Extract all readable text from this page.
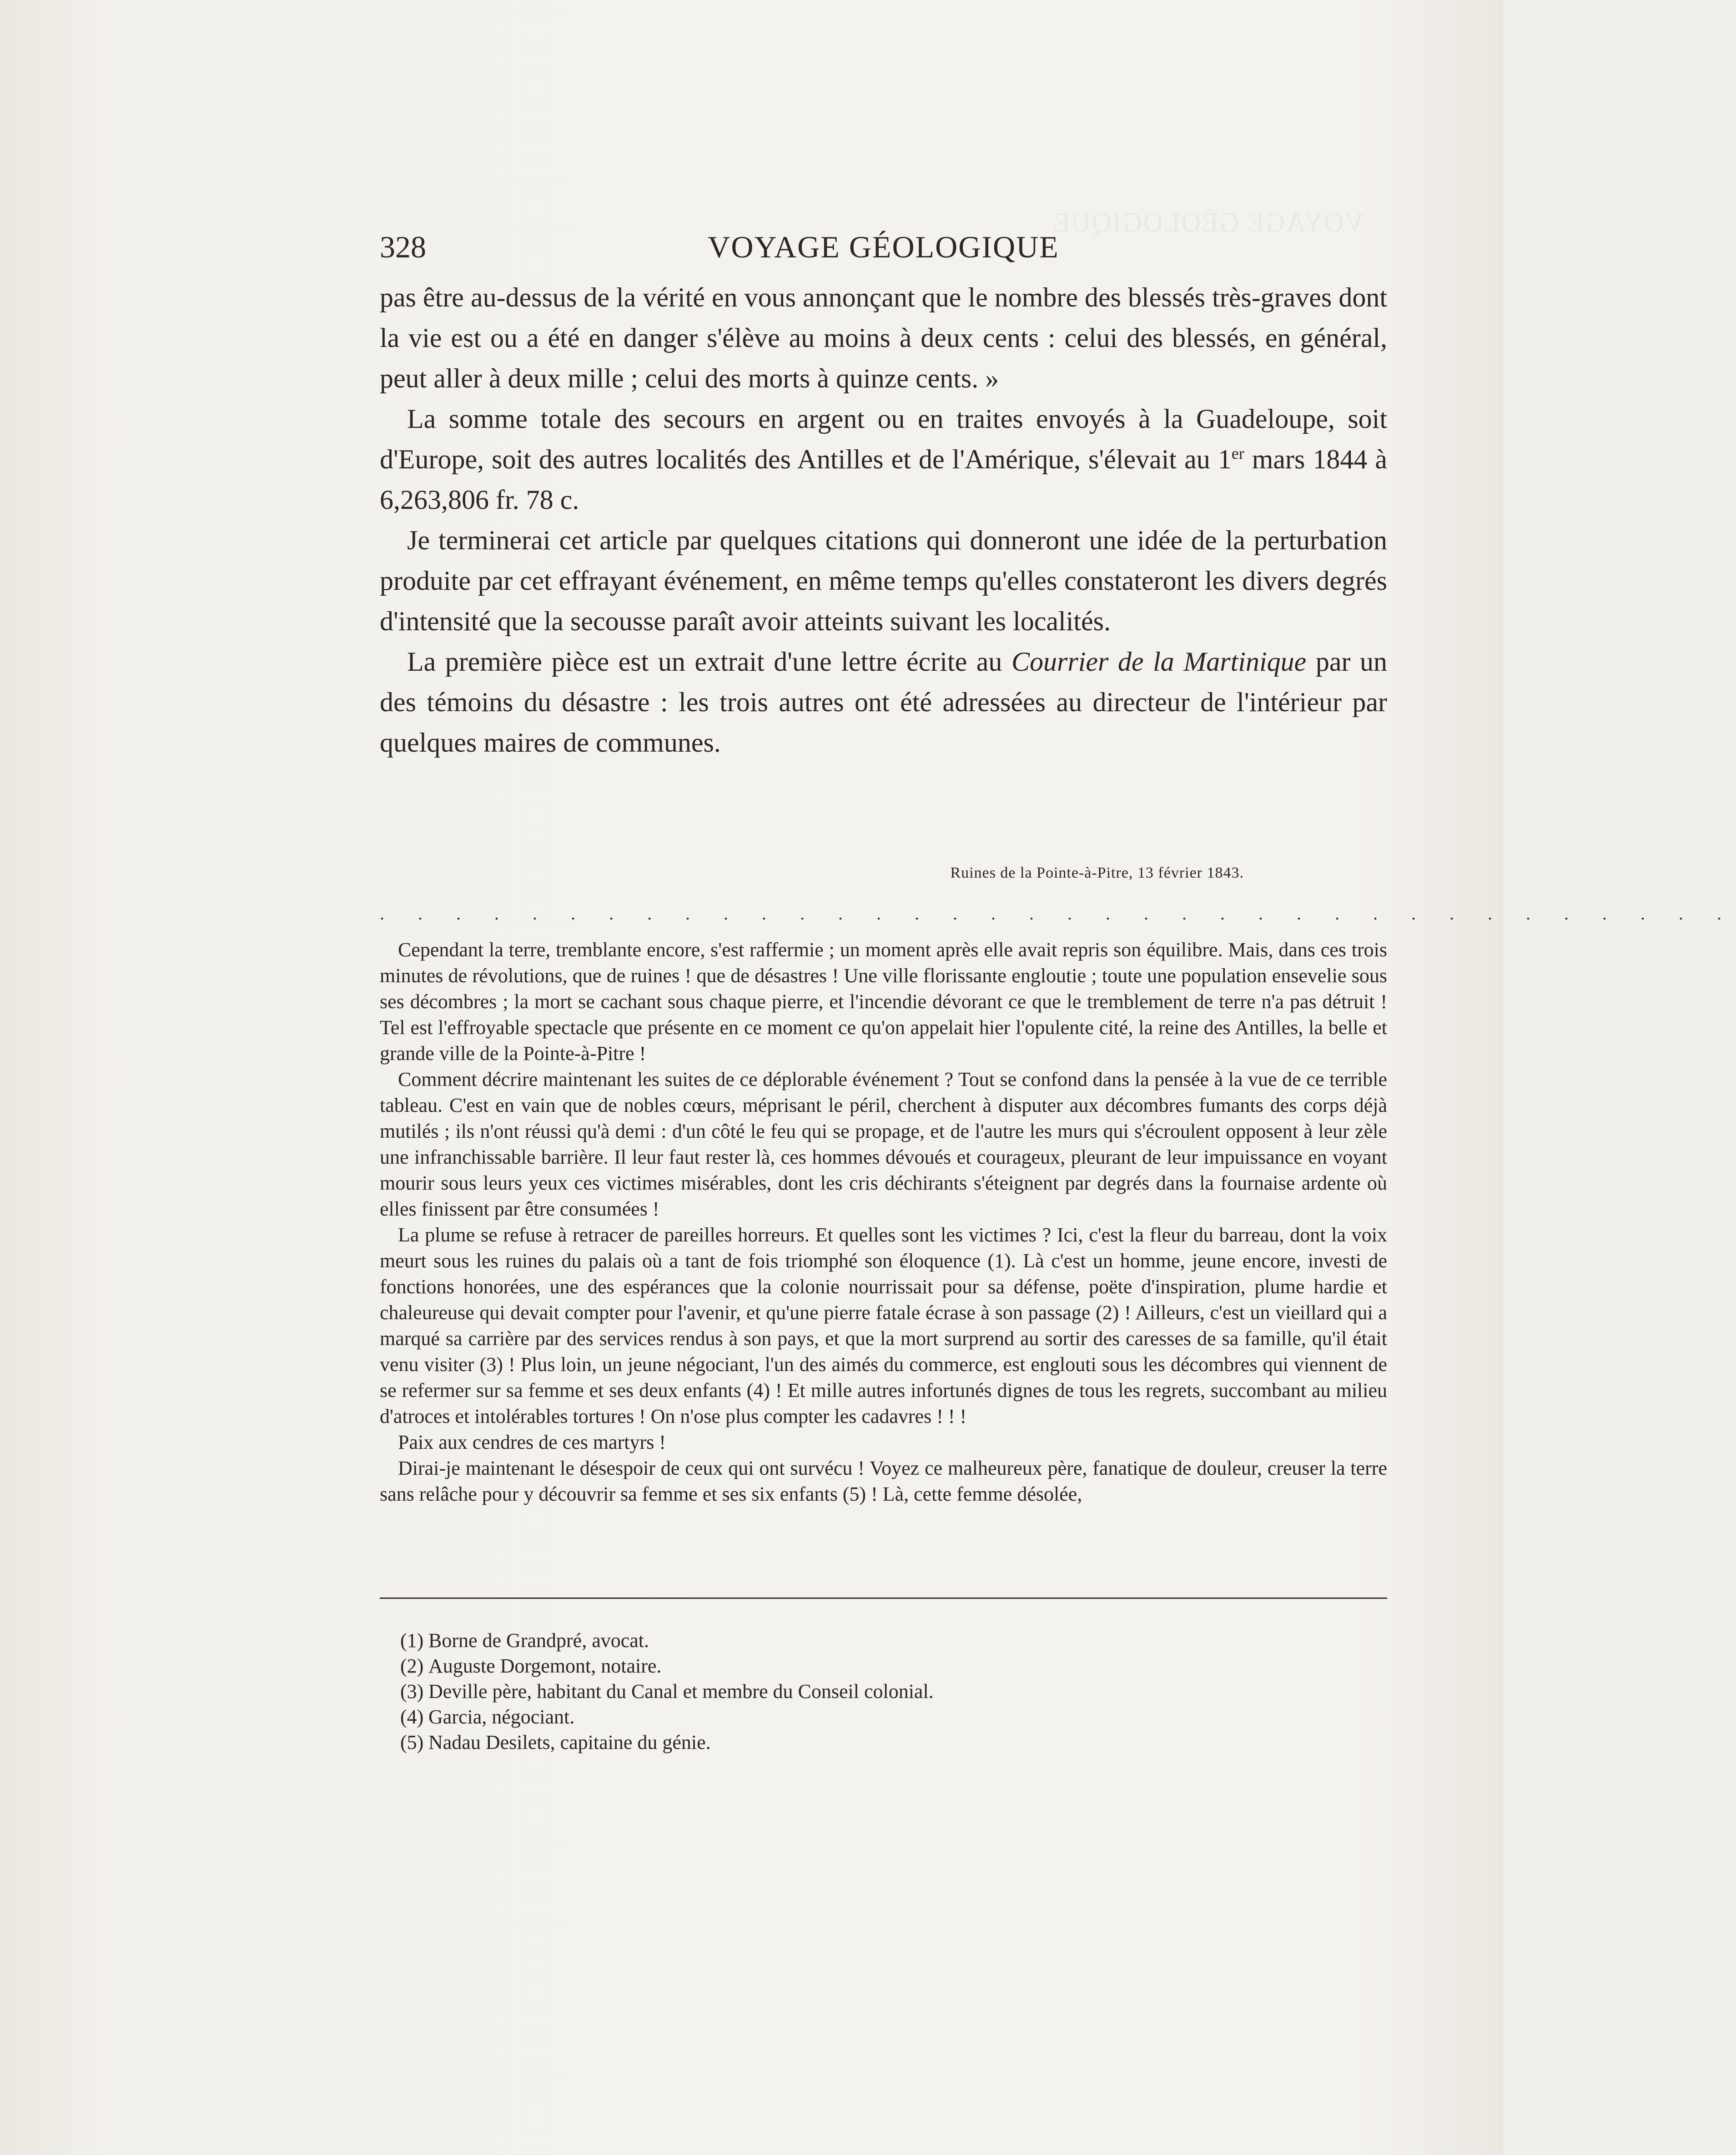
VOYAGE GÉOLOGIQUE
328	VOYAGE GÉOLOGIQUE

pas être au-dessus de la vérité en vous annonçant que le nombre des blessés très-graves dont la vie est ou a été en danger s'élève au moins à deux cents : celui des blessés, en général, peut aller à deux mille ; celui des morts à quinze cents. »

La somme totale des secours en argent ou en traites envoyés à la Guadeloupe, soit d'Europe, soit des autres localités des Antilles et de l'Amérique, s'élevait au 1er mars 1844 à 6,263,806 fr. 78 c.

Je terminerai cet article par quelques citations qui donneront une idée de la perturbation produite par cet effrayant événement, en même temps qu'elles constateront les divers degrés d'intensité que la secousse paraît avoir atteints suivant les localités.

La première pièce est un extrait d'une lettre écrite au Courrier de la Martinique par un des témoins du désastre : les trois autres ont été adressées au directeur de l'intérieur par quelques maires de communes.

Ruines de la Pointe-à-Pitre, 13 février 1843.
. . . . . . . . . . . . . . . . . . . . . . . . . . . . . . . . . . . .

Cependant la terre, tremblante encore, s'est raffermie ; un moment après elle avait repris son équilibre. Mais, dans ces trois minutes de révolutions, que de ruines ! que de désastres ! Une ville florissante engloutie ; toute une population ensevelie sous ses décombres ; la mort se cachant sous chaque pierre, et l'incendie dévorant ce que le tremblement de terre n'a pas détruit ! Tel est l'effroyable spectacle que présente en ce moment ce qu'on appelait hier l'opulente cité, la reine des Antilles, la belle et grande ville de la Pointe-à-Pitre !

Comment décrire maintenant les suites de ce déplorable événement ? Tout se confond dans la pensée à la vue de ce terrible tableau. C'est en vain que de nobles cœurs, méprisant le péril, cherchent à disputer aux décombres fumants des corps déjà mutilés ; ils n'ont réussi qu'à demi : d'un côté le feu qui se propage, et de l'autre les murs qui s'écroulent opposent à leur zèle une infranchissable barrière. Il leur faut rester là, ces hommes dévoués et courageux, pleurant de leur impuissance en voyant mourir sous leurs yeux ces victimes misérables, dont les cris déchirants s'éteignent par degrés dans la fournaise ardente où elles finissent par être consumées !

La plume se refuse à retracer de pareilles horreurs. Et quelles sont les victimes ? Ici, c'est la fleur du barreau, dont la voix meurt sous les ruines du palais où a tant de fois triomphé son éloquence (1). Là c'est un homme, jeune encore, investi de fonctions honorées, une des espérances que la colonie nourrissait pour sa défense, poëte d'inspiration, plume hardie et chaleureuse qui devait compter pour l'avenir, et qu'une pierre fatale écrase à son passage (2) ! Ailleurs, c'est un vieillard qui a marqué sa carrière par des services rendus à son pays, et que la mort surprend au sortir des caresses de sa famille, qu'il était venu visiter (3) ! Plus loin, un jeune négociant, l'un des aimés du commerce, est englouti sous les décombres qui viennent de se refermer sur sa femme et ses deux enfants (4) ! Et mille autres infortunés dignes de tous les regrets, succombant au milieu d'atroces et intolérables tortures ! On n'ose plus compter les cadavres ! ! !

Paix aux cendres de ces martyrs !

Dirai-je maintenant le désespoir de ceux qui ont survécu ! Voyez ce malheureux père, fanatique de douleur, creuser la terre sans relâche pour y découvrir sa femme et ses six enfants (5) ! Là, cette femme désolée,

(1) Borne de Grandpré, avocat.

(2) Auguste Dorgemont, notaire.

(3) Deville père, habitant du Canal et membre du Conseil colonial.

(4) Garcia, négociant.

(5) Nadau Desilets, capitaine du génie.
